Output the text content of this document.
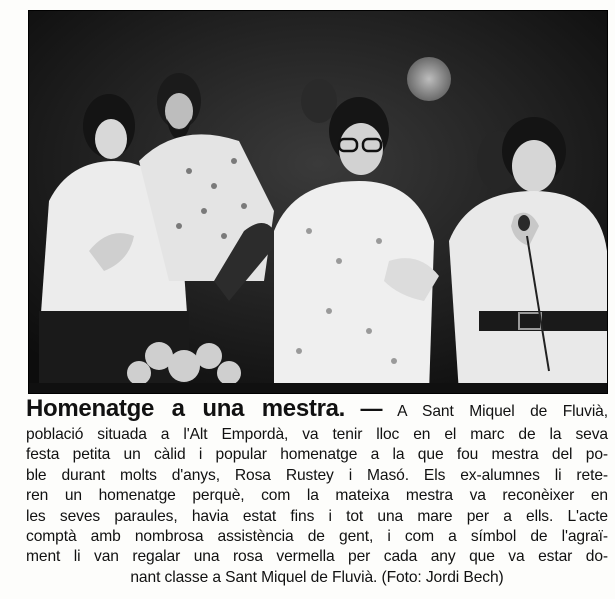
Homenatge a una mestra. — A Sant Miquel de Fluvià,
població situada a l'Alt Empordà, va tenir lloc en el marc de la seva
festa petita un càlid i popular homenatge a la que fou mestra del po-
ble durant molts d'anys, Rosa Rustey i Masó. Els ex-alumnes li rete-
ren un homenatge perquè, com la mateixa mestra va reconèixer en
les seves paraules, havia estat fins i tot una mare per a ells. L'acte
comptà amb nombrosa assistència de gent, i com a símbol de l'agraï-
ment li van regalar una rosa vermella per cada any que va estar do-
nant classe a Sant Miquel de Fluvià. (Foto: Jordi Bech)
